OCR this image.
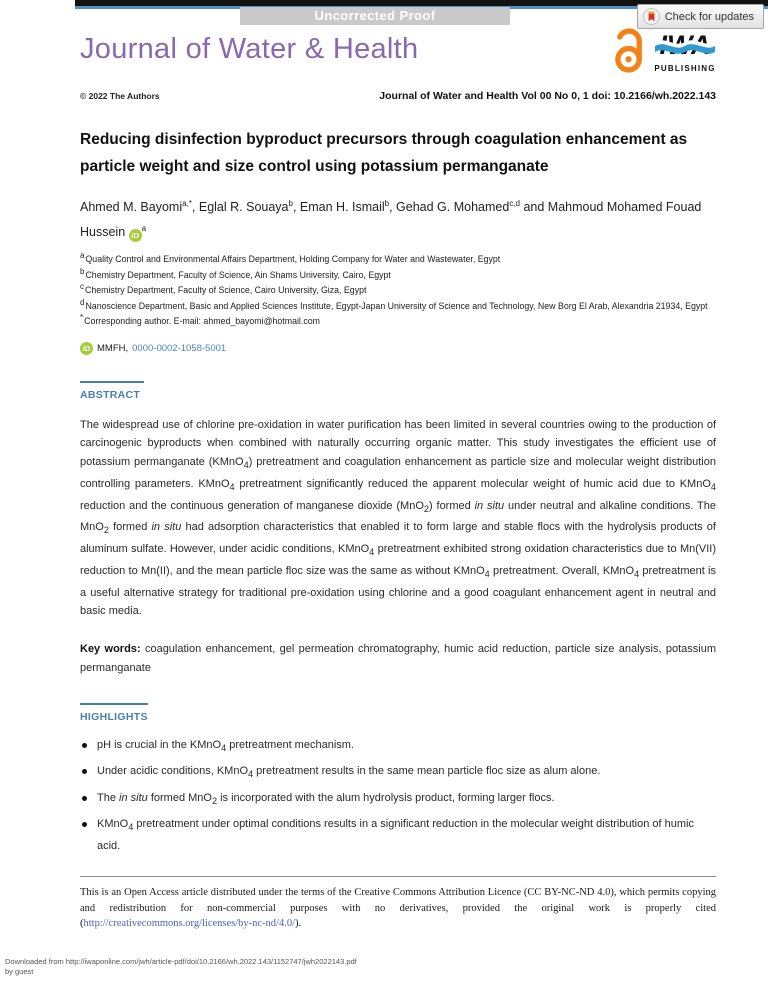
Uncorrected Proof	Check for updates
Journal of Water & Health
PUBLISHING
© 2022 The Authors	Journal of Water and Health Vol 00 No 0, 1 doi: 10.2166/wh.2022.143
Reducing disinfection byproduct precursors through coagulation enhancement as particle weight and size control using potassium permanganate

Ahmed M. Bayomi$^{a,*}$, Eglal R. Souaya$^b$, Eman H. Ismail$^b$, Gehad G. Mohamed$^{c,d}$ and Mahmoud Mohamed Fouad Hussein $iD^a$

$^a$Quality Control and Environmental Affairs Department, Holding Company for Water and Wastewater, Egypt

$^b$Chemistry Department, Faculty of Science, Ain Shams University, Cairo, Egypt

$^c$Chemistry Department, Faculty of Science, Cairo University, Giza, Egypt

$^d$Nanoscience Department, Basic and Applied Sciences Institute, Egypt-Japan University of Science and Technology, New Borg El Arab, Alexandria 21934, Egypt

*Corresponding author. E-mail: ahmed_bayomi@hotmail.com

iD MMFH, 0000-0002-1058-5001

ABSTRACT

The widespread use of chlorine pre-oxidation in water purification has been limited in several countries owing to the production of carcinogenic byproducts when combined with naturally occurring organic matter. This study investigates the efficient use of potassium permanganate (KMnO$_4$) pretreatment and coagulation enhancement as particle size and molecular weight distribution controlling parameters. KMnO$_4$ pretreatment significantly reduced the apparent molecular weight of humic acid due to KMnO$_4$ reduction and the continuous generation of manganese dioxide (MnO$_2$) formed in situ under neutral and alkaline conditions. The MnO$_2$ formed in situ had adsorption characteristics that enabled it to form large and stable flocs with the hydrolysis products of aluminum sulfate. However, under acidic conditions, KMnO$_4$ pretreatment exhibited strong oxidation characteristics due to Mn(VII) reduction to Mn(II), and the mean particle floc size was the same as without KMnO$_4$ pretreatment. Overall, KMnO$_4$ pretreatment is a useful alternative strategy for traditional pre-oxidation using chlorine and a good coagulant enhancement agent in neutral and basic media.

Key words: coagulation enhancement, gel permeation chromatography, humic acid reduction, particle size analysis, potassium permanganate

HIGHLIGHTS
pH is crucial in the KMnO$_4$ pretreatment mechanism.
Under acidic conditions, KMnO$_4$ pretreatment results in the same mean particle floc size as alum alone.
The in situ formed MnO$_2$ is incorporated with the alum hydrolysis product, forming larger flocs.
KMnO$_4$ pretreatment under optimal conditions results in a significant reduction in the molecular weight distribution of humic acid.

This is an Open Access article distributed under the terms of the Creative Commons Attribution Licence (CC BY-NC-ND 4.0), which permits copying and redistribution for non-commercial purposes with no derivatives, provided the original work is properly cited (http://creativecommons.org/licenses/by-nc-nd/4.0/).

Downloaded from http://iwaponline.com/jwh/article-pdf/doi/10.2166/wh.2022.143/1152747/jwh2022143.pdf
by guest
